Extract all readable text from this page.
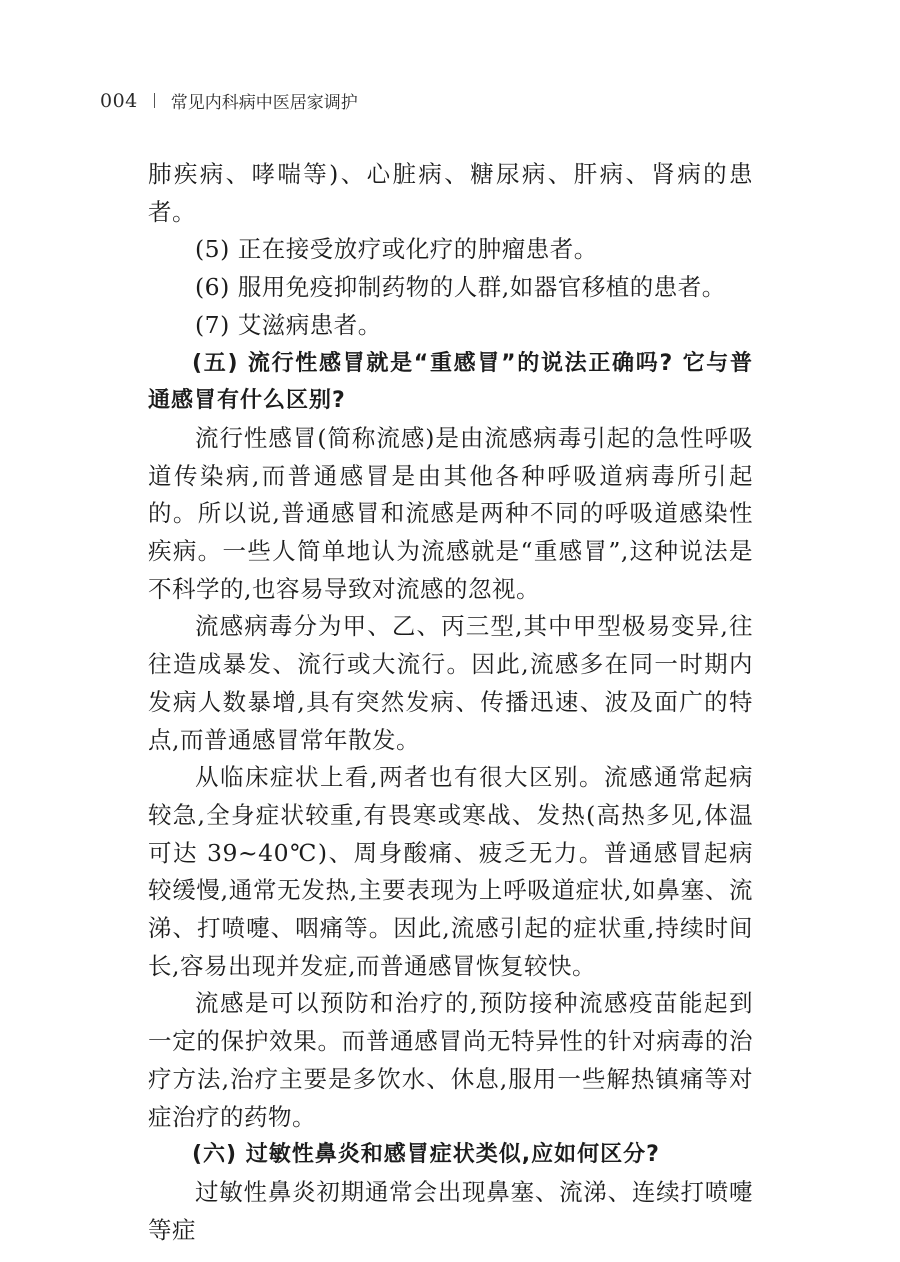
004 常见内科病中医居家调护

肺疾病、哮喘等)、心脏病、糖尿病、肝病、肾病的患者。

(5) 正在接受放疗或化疗的肿瘤患者。

(6) 服用免疫抑制药物的人群,如器官移植的患者。

(7) 艾滋病患者。

(五) 流行性感冒就是“重感冒”的说法正确吗? 它与普通感冒有什么区别?

流行性感冒(简称流感)是由流感病毒引起的急性呼吸道传染病,而普通感冒是由其他各种呼吸道病毒所引起的。所以说,普通感冒和流感是两种不同的呼吸道感染性疾病。一些人简单地认为流感就是“重感冒”,这种说法是不科学的,也容易导致对流感的忽视。

流感病毒分为甲、乙、丙三型,其中甲型极易变异,往往造成暴发、流行或大流行。因此,流感多在同一时期内发病人数暴增,具有突然发病、传播迅速、波及面广的特点,而普通感冒常年散发。

从临床症状上看,两者也有很大区别。流感通常起病较急,全身症状较重,有畏寒或寒战、发热(高热多见,体温可达 39~40℃)、周身酸痛、疲乏无力。普通感冒起病较缓慢,通常无发热,主要表现为上呼吸道症状,如鼻塞、流涕、打喷嚏、咽痛等。因此,流感引起的症状重,持续时间长,容易出现并发症,而普通感冒恢复较快。

流感是可以预防和治疗的,预防接种流感疫苗能起到一定的保护效果。而普通感冒尚无特异性的针对病毒的治疗方法,治疗主要是多饮水、休息,服用一些解热镇痛等对症治疗的药物。

(六) 过敏性鼻炎和感冒症状类似,应如何区分?

过敏性鼻炎初期通常会出现鼻塞、流涕、连续打喷嚏等症
